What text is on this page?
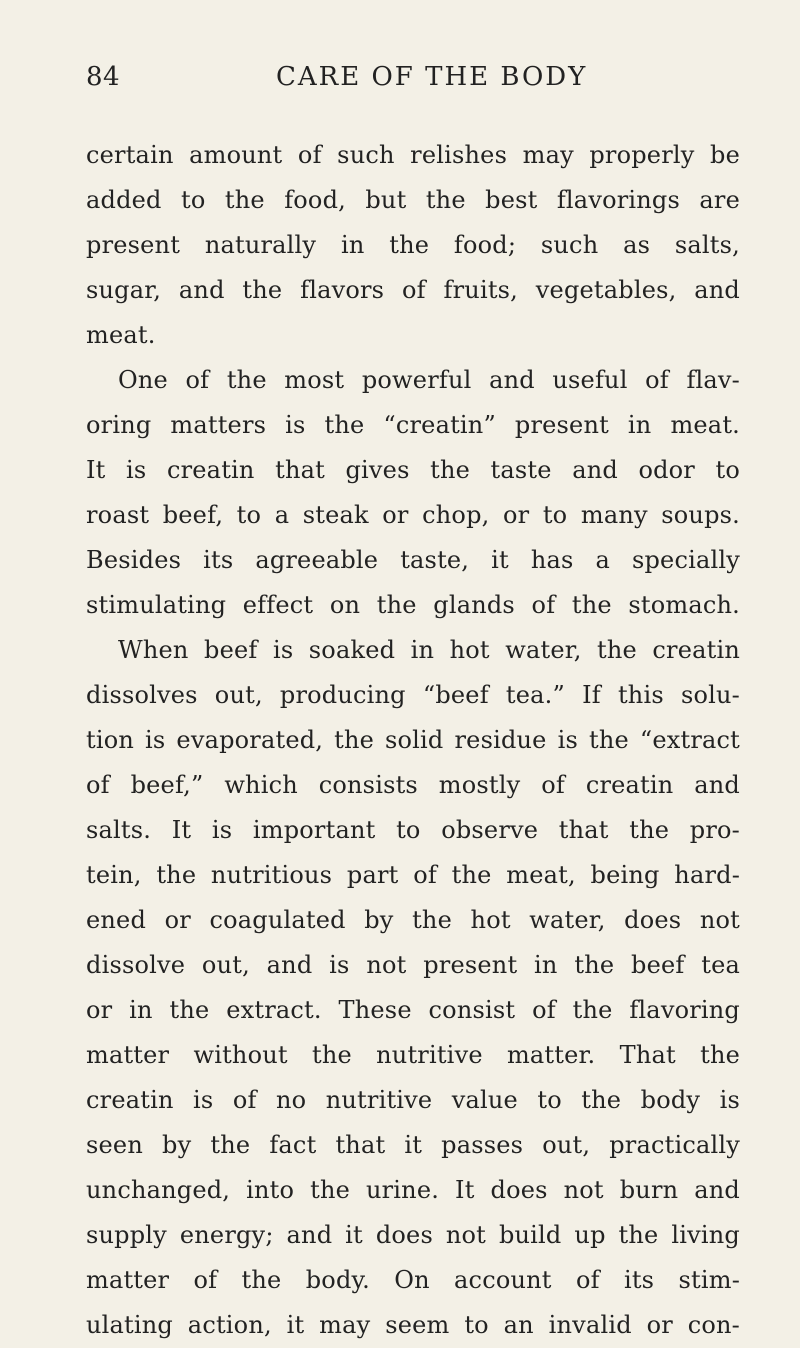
84	CARE OF THE BODY
certain amount of such relishes may properly be
added to the food, but the best flavorings are
present naturally in the food; such as salts,
sugar, and the flavors of fruits, vegetables, and
meat.
One of the most powerful and useful of flav-
oring matters is the “creatin” present in meat.
It is creatin that gives the taste and odor to
roast beef, to a steak or chop, or to many soups.
Besides its agreeable taste, it has a specially
stimulating effect on the glands of the stomach.
When beef is soaked in hot water, the creatin
dissolves out, producing “beef tea.” If this solu-
tion is evaporated, the solid residue is the “extract
of beef,” which consists mostly of creatin and
salts. It is important to observe that the pro-
tein, the nutritious part of the meat, being hard-
ened or coagulated by the hot water, does not
dissolve out, and is not present in the beef tea
or in the extract. These consist of the flavoring
matter without the nutritive matter. That the
creatin is of no nutritive value to the body is
seen by the fact that it passes out, practically
unchanged, into the urine. It does not burn and
supply energy; and it does not build up the living
matter of the body. On account of its stim-
ulating action, it may seem to an invalid or con-
